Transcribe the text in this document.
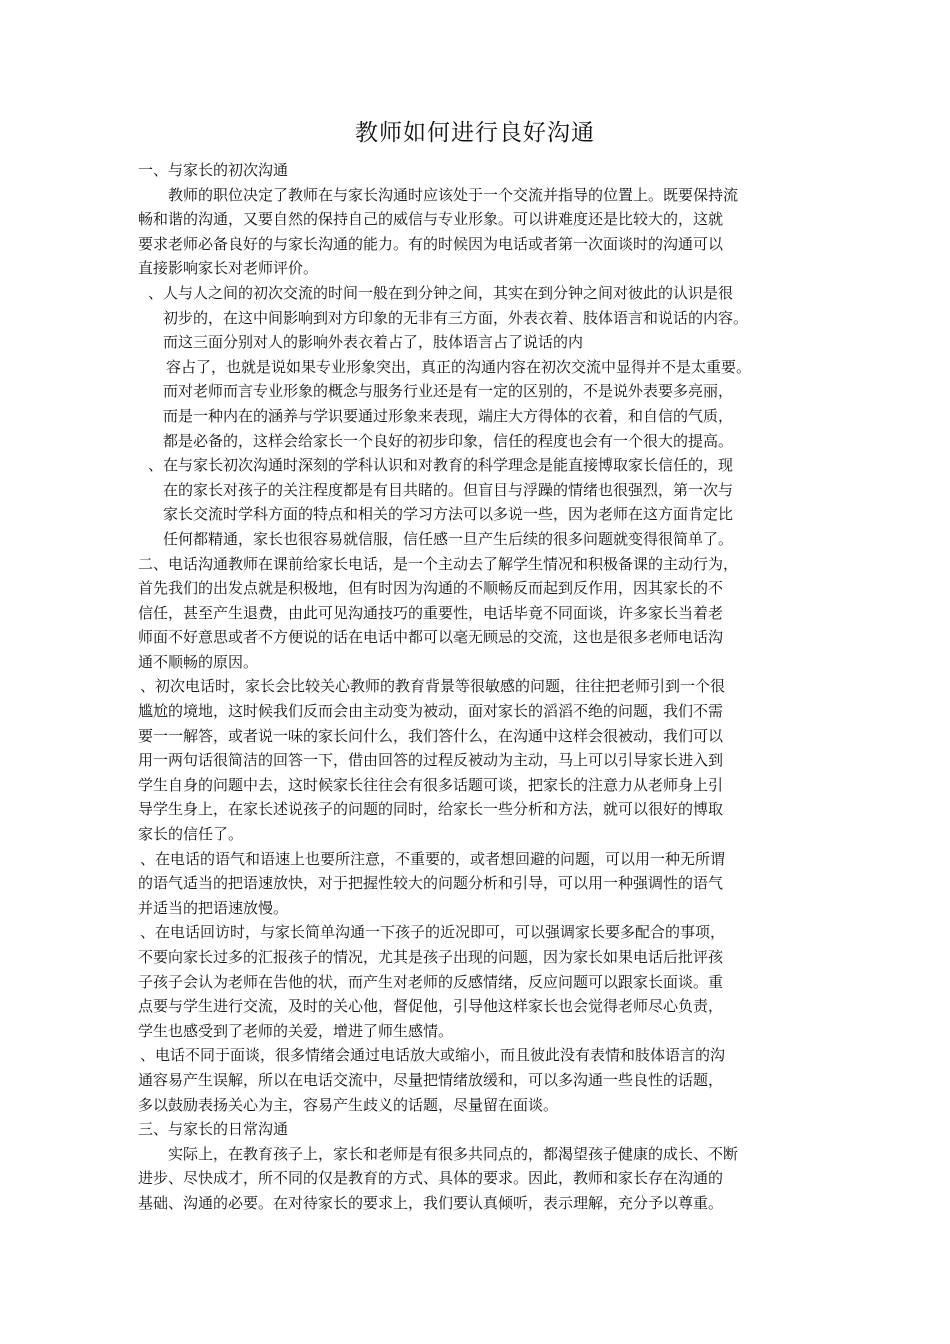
教师如何进行良好沟通
一、与家长的初次沟通
教师的职位决定了教师在与家长沟通时应该处于一个交流并指导的位置上。既要保持流
畅和谐的沟通，又要自然的保持自己的威信与专业形象。可以讲难度还是比较大的，这就
要求老师必备良好的与家长沟通的能力。有的时候因为电话或者第一次面谈时的沟通可以
直接影响家长对老师评价。
、人与人之间的初次交流的时间一般在到分钟之间，其实在到分钟之间对彼此的认识是很
初步的，在这中间影响到对方印象的无非有三方面，外表衣着、肢体语言和说话的内容。
而这三面分别对人的影响外表衣着占了，肢体语言占了说话的内
容占了，也就是说如果专业形象突出，真正的沟通内容在初次交流中显得并不是太重要。
而对老师而言专业形象的概念与服务行业还是有一定的区别的，不是说外表要多亮丽，
而是一种内在的涵养与学识要通过形象来表现，端庄大方得体的衣着，和自信的气质，
都是必备的，这样会给家长一个良好的初步印象，信任的程度也会有一个很大的提高。
、在与家长初次沟通时深刻的学科认识和对教育的科学理念是能直接博取家长信任的，现
在的家长对孩子的关注程度都是有目共睹的。但盲目与浮躁的情绪也很强烈，第一次与
家长交流时学科方面的特点和相关的学习方法可以多说一些，因为老师在这方面肯定比
任何都精通，家长也很容易就信服，信任感一旦产生后续的很多问题就变得很简单了。
二、电话沟通教师在课前给家长电话，是一个主动去了解学生情况和积极备课的主动行为，
首先我们的出发点就是积极地，但有时因为沟通的不顺畅反而起到反作用，因其家长的不
信任，甚至产生退费，由此可见沟通技巧的重要性，电话毕竟不同面谈，许多家长当着老
师面不好意思或者不方便说的话在电话中都可以毫无顾忌的交流，这也是很多老师电话沟
通不顺畅的原因。
、初次电话时，家长会比较关心教师的教育背景等很敏感的问题，往往把老师引到一个很
尴尬的境地，这时候我们反而会由主动变为被动，面对家长的滔滔不绝的问题，我们不需
要一一解答，或者说一味的家长问什么，我们答什么，在沟通中这样会很被动，我们可以
用一两句话很简洁的回答一下，借由回答的过程反被动为主动，马上可以引导家长进入到
学生自身的问题中去，这时候家长往往会有很多话题可谈，把家长的注意力从老师身上引
导学生身上，在家长述说孩子的问题的同时，给家长一些分析和方法，就可以很好的博取
家长的信任了。
、在电话的语气和语速上也要所注意，不重要的，或者想回避的问题，可以用一种无所谓
的语气适当的把语速放快，对于把握性较大的问题分析和引导，可以用一种强调性的语气
并适当的把语速放慢。
、在电话回访时，与家长简单沟通一下孩子的近况即可，可以强调家长要多配合的事项，
不要向家长过多的汇报孩子的情况，尤其是孩子出现的问题，因为家长如果电话后批评孩
子孩子会认为老师在告他的状，而产生对老师的反感情绪，反应问题可以跟家长面谈。重
点要与学生进行交流，及时的关心他，督促他，引导他这样家长也会觉得老师尽心负责，
学生也感受到了老师的关爱，增进了师生感情。
、电话不同于面谈，很多情绪会通过电话放大或缩小，而且彼此没有表情和肢体语言的沟
通容易产生误解，所以在电话交流中，尽量把情绪放缓和，可以多沟通一些良性的话题，
多以鼓励表扬关心为主，容易产生歧义的话题，尽量留在面谈。
三、与家长的日常沟通
实际上，在教育孩子上，家长和老师是有很多共同点的，都渴望孩子健康的成长、不断
进步、尽快成才，所不同的仅是教育的方式、具体的要求。因此，教师和家长存在沟通的
基础、沟通的必要。在对待家长的要求上，我们要认真倾听，表示理解，充分予以尊重。
